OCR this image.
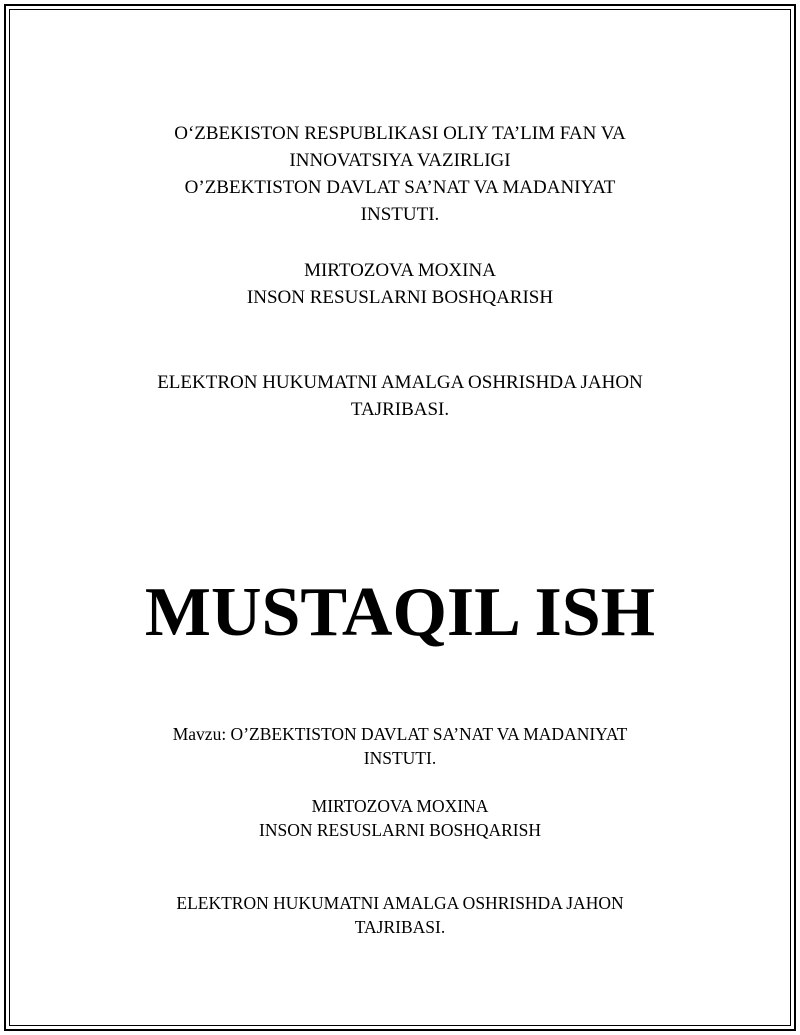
O‘ZBEKISTON RESPUBLIKASI OLIY TA’LIM FAN VA
INNOVATSIYA VAZIRLIGI
O’ZBEKTISTON DAVLAT SA’NAT VA MADANIYAT
INSTUTI.
MIRTOZOVA MOXINA
INSON RESUSLARNI BOSHQARISH
ELEKTRON HUKUMATNI AMALGA OSHRISHDA JAHON
TAJRIBASI.
MUSTAQIL ISH
Mavzu: O’ZBEKTISTON DAVLAT SA’NAT VA MADANIYAT
INSTUTI.
MIRTOZOVA MOXINA
INSON RESUSLARNI BOSHQARISH
ELEKTRON HUKUMATNI AMALGA OSHRISHDA JAHON
TAJRIBASI.
